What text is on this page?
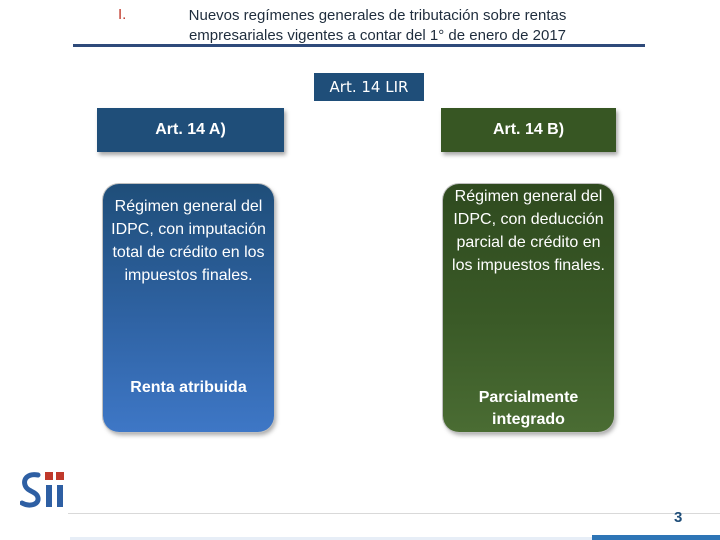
I.	Nuevos regímenes generales de tributación sobre rentas empresariales vigentes a contar del 1° de enero de 2017
Art. 14 LIR
Art. 14 A)	Art. 14 B)
Régimen general del IDPC, con imputación total de crédito en los impuestos finales.
Renta atribuida
Régimen general del IDPC, con deducción parcial de crédito en los impuestos finales.
Parcialmente integrado
3
